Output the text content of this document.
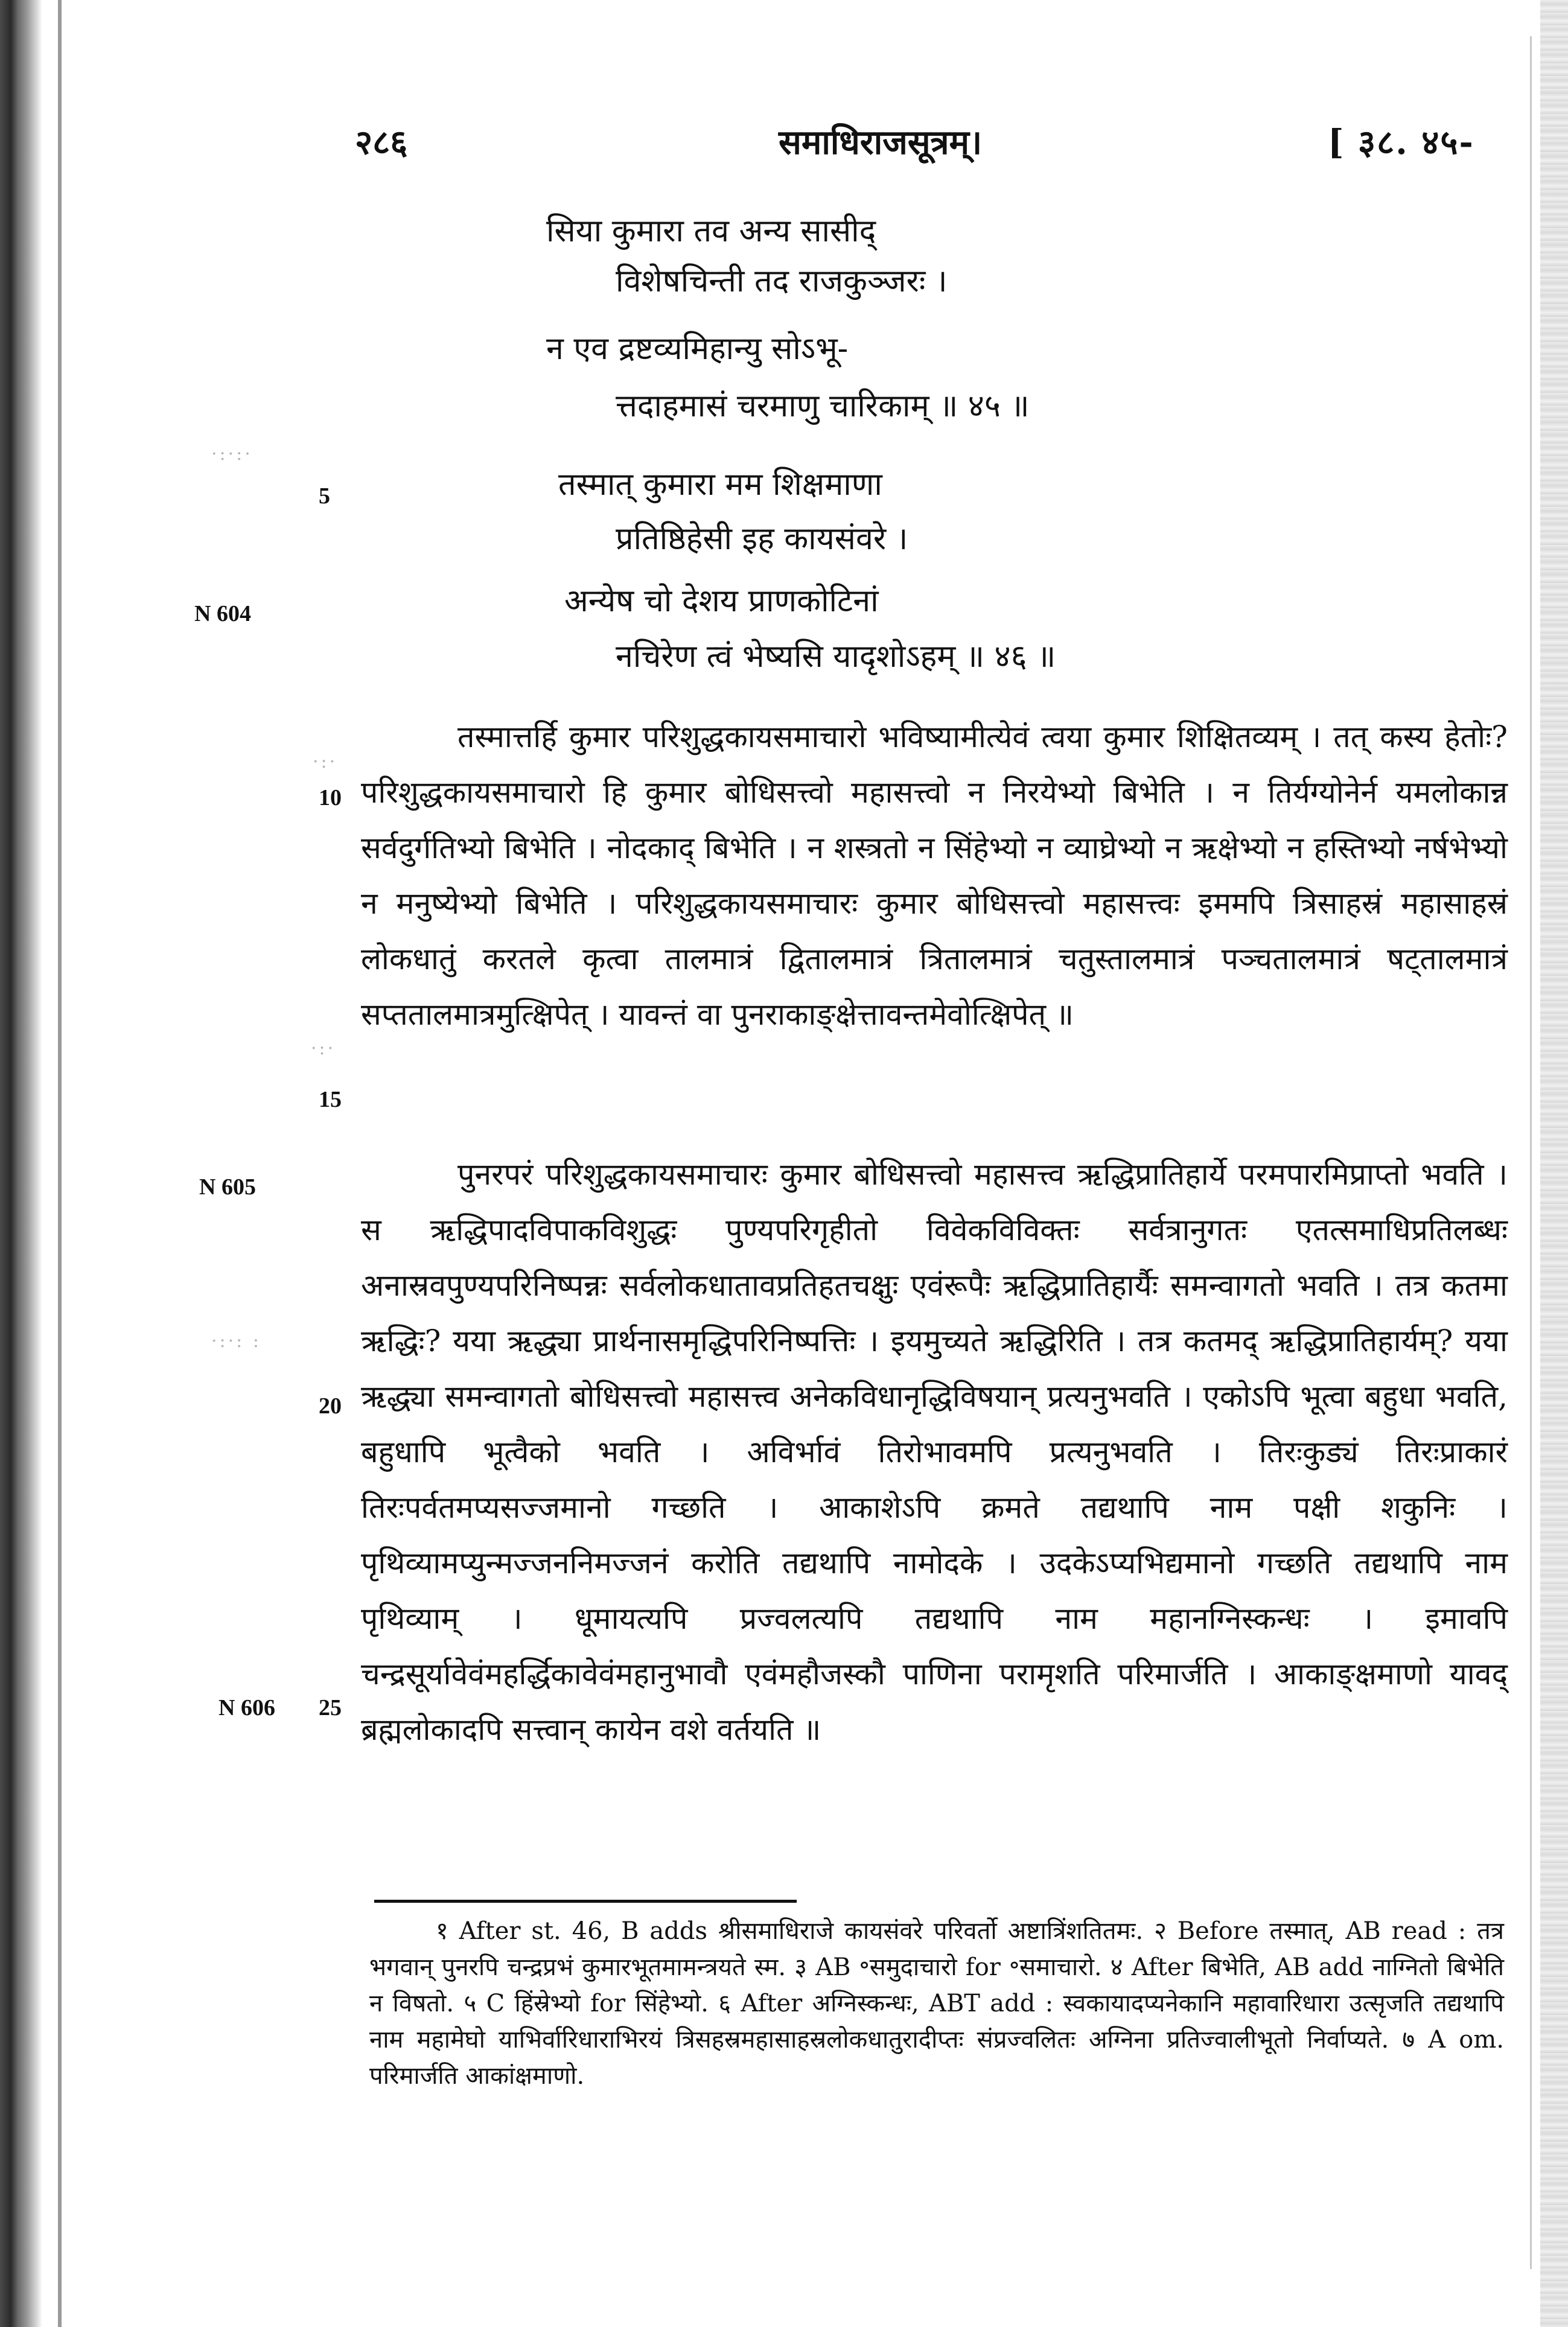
२८६	समाधिराजसूत्रम्।	[ ३८. ४५-
सिया कुमारा तव अन्य सासीद्
विशेषचिन्ती तद राजकुञ्जरः ।
न एव द्रष्टव्यमिहान्यु सोऽभू-
त्तदाहमासं चरमाणु चारिकाम् ॥ ४५ ॥
तस्मात् कुमारा मम शिक्षमाणा
प्रतिष्ठिहेसी इह कायसंवरे ।
अन्येष चो देशय प्राणकोटिनां
नचिरेण त्वं भेष्यसि यादृशोऽहम् ॥ ४६ ॥
5
10
15
20
25
N 604
N 605
N 606
·:·:·
·:·
·:·
·:·: :

तस्मात्तर्हि कुमार परिशुद्धकायसमाचारो भविष्यामीत्येवं त्वया कुमार शिक्षितव्यम् । तत् कस्य हेतोः? परिशुद्धकायसमाचारो हि कुमार बोधिसत्त्वो महासत्त्वो न निरयेभ्यो बिभेति । न तिर्यग्योनेर्न यमलोकान्न सर्वदुर्गतिभ्यो बिभेति । नोदकाद् बिभेति । न शस्त्रतो न सिंहेभ्यो न व्याघ्रेभ्यो न ऋक्षेभ्यो न हस्तिभ्यो नर्षभेभ्यो न मनुष्येभ्यो बिभेति । परिशुद्धकायसमाचारः कुमार बोधिसत्त्वो महासत्त्वः इममपि त्रिसाहस्रं महासाहस्रं लोकधातुं करतले कृत्वा तालमात्रं द्वितालमात्रं त्रितालमात्रं चतुस्तालमात्रं पञ्चतालमात्रं षट्तालमात्रं सप्ततालमात्रमुत्क्षिपेत् । यावन्तं वा पुनराकाङ्क्षेत्तावन्तमेवोत्क्षिपेत् ॥

पुनरपरं परिशुद्धकायसमाचारः कुमार बोधिसत्त्वो महासत्त्व ऋद्धिप्रातिहार्ये परमपारमिप्राप्तो भवति । स ऋद्धिपादविपाकविशुद्धः पुण्यपरिगृहीतो विवेकविविक्तः सर्वत्रानुगतः एतत्समाधिप्रतिलब्धः अनास्रवपुण्यपरिनिष्पन्नः सर्वलोकधातावप्रतिहतचक्षुः एवंरूपैः ऋद्धिप्रातिहार्यैः समन्वागतो भवति । तत्र कतमा ऋद्धिः? यया ऋद्ध्या प्रार्थनासमृद्धिपरिनिष्पत्तिः । इयमुच्यते ऋद्धिरिति । तत्र कतमद् ऋद्धिप्रातिहार्यम्? यया ऋद्ध्या समन्वागतो बोधिसत्त्वो महासत्त्व अनेकविधानृद्धिविषयान् प्रत्यनुभवति । एकोऽपि भूत्वा बहुधा भवति, बहुधापि भूत्वैको भवति । अविर्भावं तिरोभावमपि प्रत्यनुभवति । तिरःकुड्यं तिरःप्राकारं तिरःपर्वतमप्यसज्जमानो गच्छति । आकाशेऽपि क्रमते तद्यथापि नाम पक्षी शकुनिः । पृथिव्यामप्युन्मज्जननिमज्जनं करोति तद्यथापि नामोदके । उदकेऽप्यभिद्यमानो गच्छति तद्यथापि नाम पृथिव्याम् । धूमायत्यपि प्रज्वलत्यपि तद्यथापि नाम महानग्निस्कन्धः । इमावपि चन्द्रसूर्यावेवंमहर्द्धिकावेवंमहानुभावौ एवंमहौजस्कौ पाणिना परामृशति परिमार्जति । आकाङ्क्षमाणो यावद् ब्रह्मलोकादपि सत्त्वान् कायेन वशे वर्तयति ॥

१ After st. 46, B adds श्रीसमाधिराजे कायसंवरे परिवर्तो अष्टात्रिंशतितमः. २ Before तस्मात्, AB read : तत्र भगवान् पुनरपि चन्द्रप्रभं कुमारभूतमामन्त्रयते स्म. ३ AB ॰समुदाचारो for ॰समाचारो. ४ After बिभेति, AB add नाग्नितो बिभेति न विषतो. ५ C हिंस्रेभ्यो for सिंहेभ्यो. ६ After अग्निस्कन्धः, ABT add : स्वकायादप्यनेकानि महावारिधारा उत्सृजति तद्यथापि नाम महामेघो याभिर्वारिधाराभिरयं त्रिसहस्रमहासाहस्रलोकधातुरादीप्तः संप्रज्वलितः अग्निना प्रतिज्वालीभूतो निर्वाप्यते. ७ A om. परिमार्जति आकांक्षमाणो.
